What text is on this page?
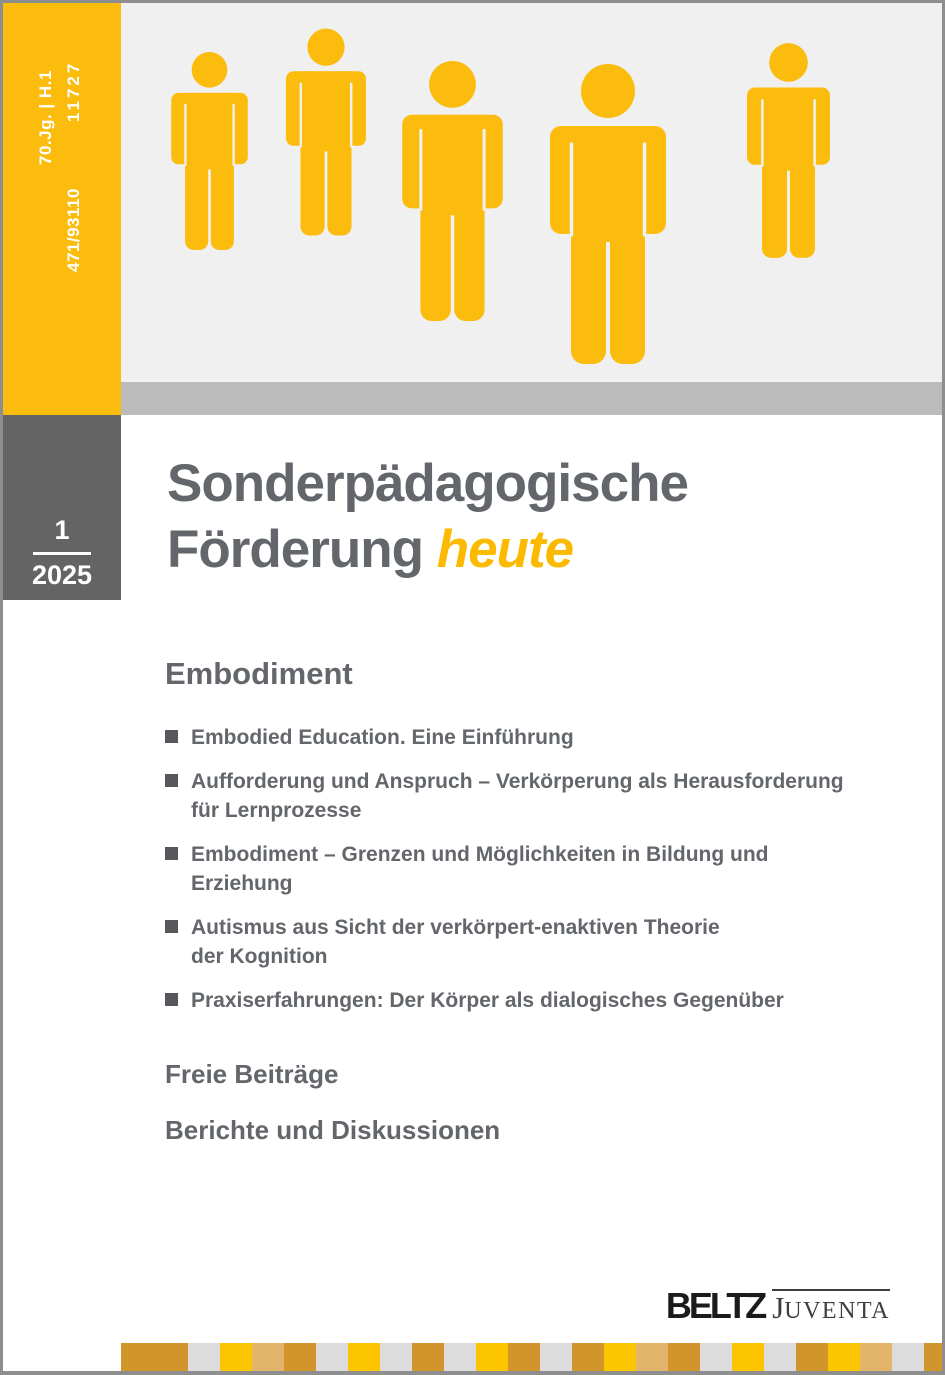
70.Jg. | H.1 11727
471/93110
1
2025
Sonderpädagogische
Förderung heute
Embodiment
Embodied Education. Eine Einführung
Aufforderung und Anspruch – Verkörperung als Herausforderung
für Lernprozesse
Embodiment – Grenzen und Möglichkeiten in Bildung und
Erziehung
Autismus aus Sicht der verkörpert-enaktiven Theorie
der Kognition
Praxiserfahrungen: Der Körper als dialogisches Gegenüber
Freie Beiträge
Berichte und Diskussionen
BELTZ JUVENTA
